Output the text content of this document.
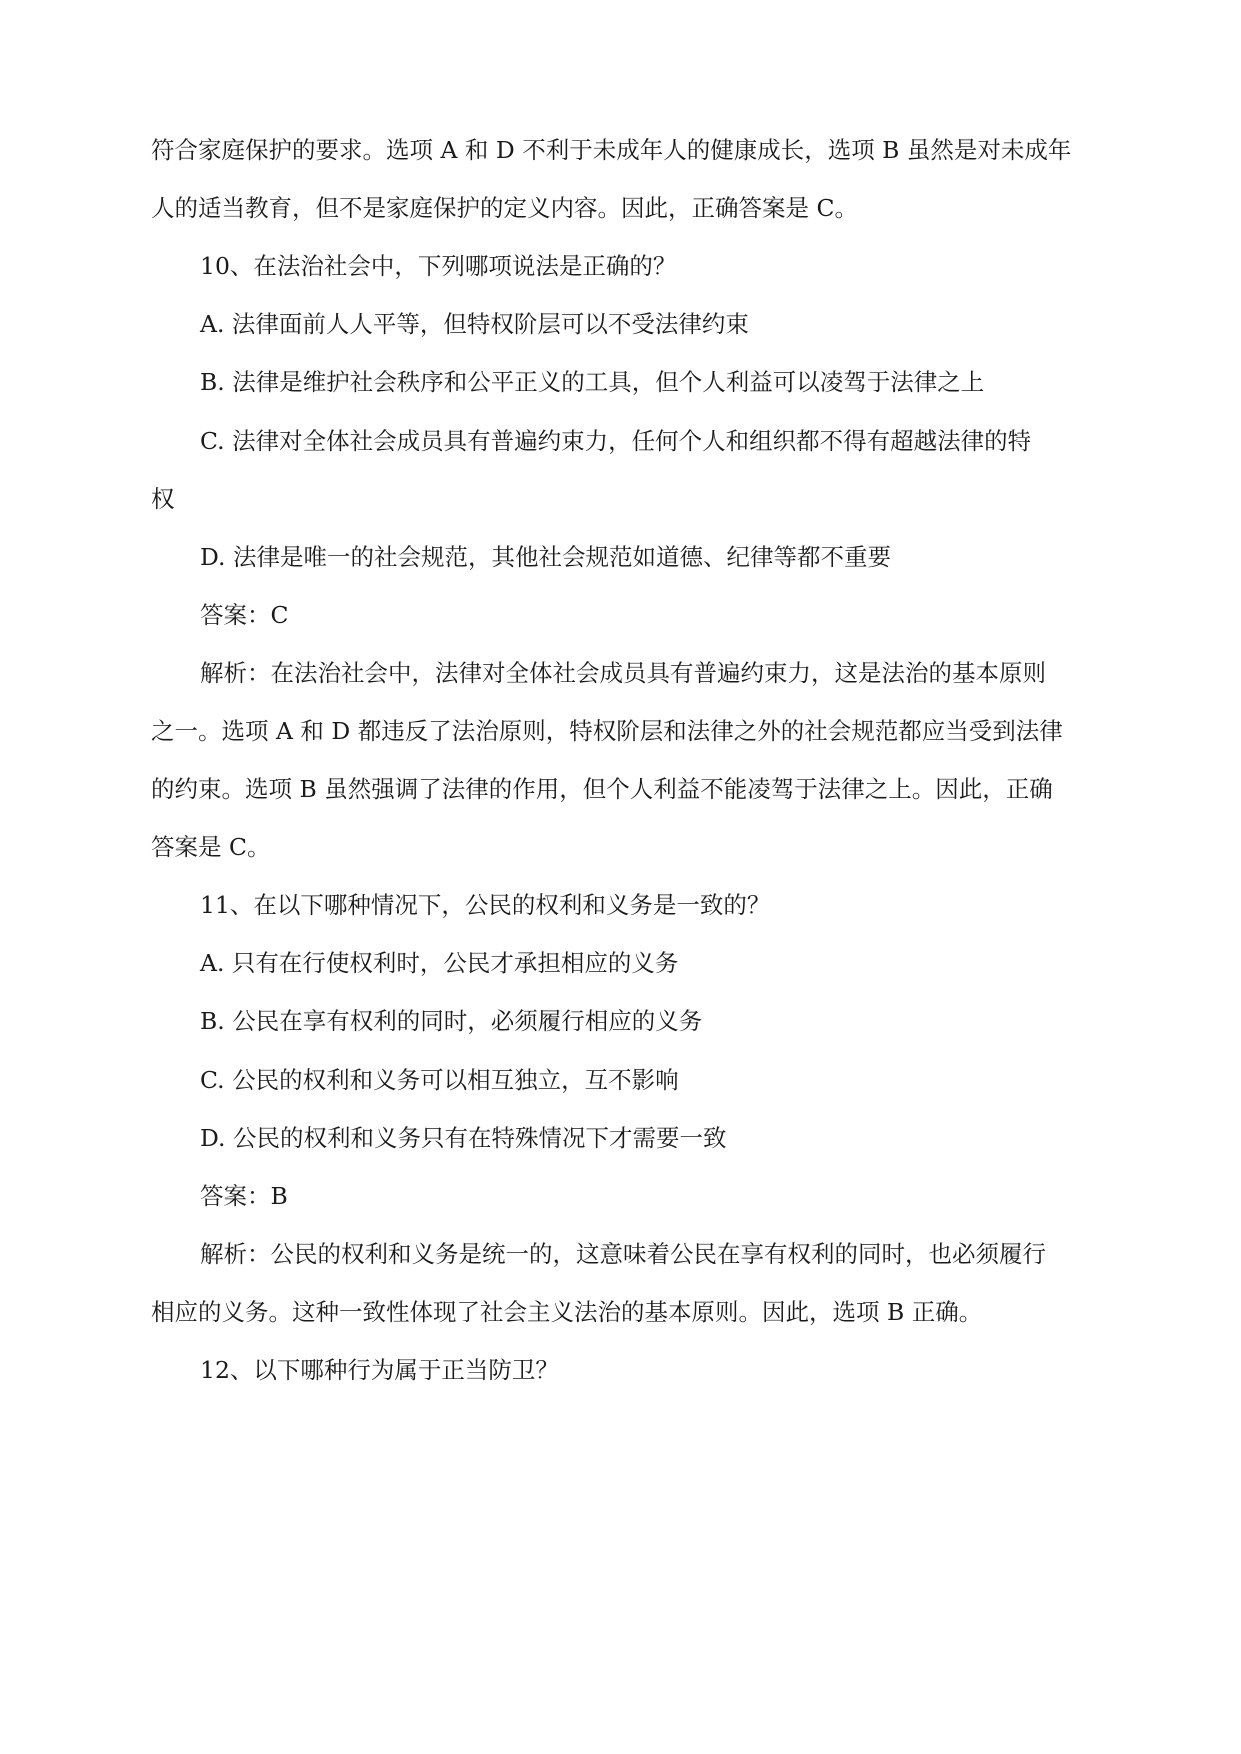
符合家庭保护的要求。选项 A 和 D 不利于未成年人的健康成长，选项 B 虽然是对未成年
人的适当教育，但不是家庭保护的定义内容。因此，正确答案是 C。
10、在法治社会中，下列哪项说法是正确的？
A. 法律面前人人平等，但特权阶层可以不受法律约束
B. 法律是维护社会秩序和公平正义的工具，但个人利益可以凌驾于法律之上
C. 法律对全体社会成员具有普遍约束力，任何个人和组织都不得有超越法律的特
权
D. 法律是唯一的社会规范，其他社会规范如道德、纪律等都不重要
答案：C
解析：在法治社会中，法律对全体社会成员具有普遍约束力，这是法治的基本原则
之一。选项 A 和 D 都违反了法治原则，特权阶层和法律之外的社会规范都应当受到法律
的约束。选项 B 虽然强调了法律的作用，但个人利益不能凌驾于法律之上。因此，正确
答案是 C。
11、在以下哪种情况下，公民的权利和义务是一致的？
A. 只有在行使权利时，公民才承担相应的义务
B. 公民在享有权利的同时，必须履行相应的义务
C. 公民的权利和义务可以相互独立，互不影响
D. 公民的权利和义务只有在特殊情况下才需要一致
答案：B
解析：公民的权利和义务是统一的，这意味着公民在享有权利的同时，也必须履行
相应的义务。这种一致性体现了社会主义法治的基本原则。因此，选项 B 正确。
12、以下哪种行为属于正当防卫？
